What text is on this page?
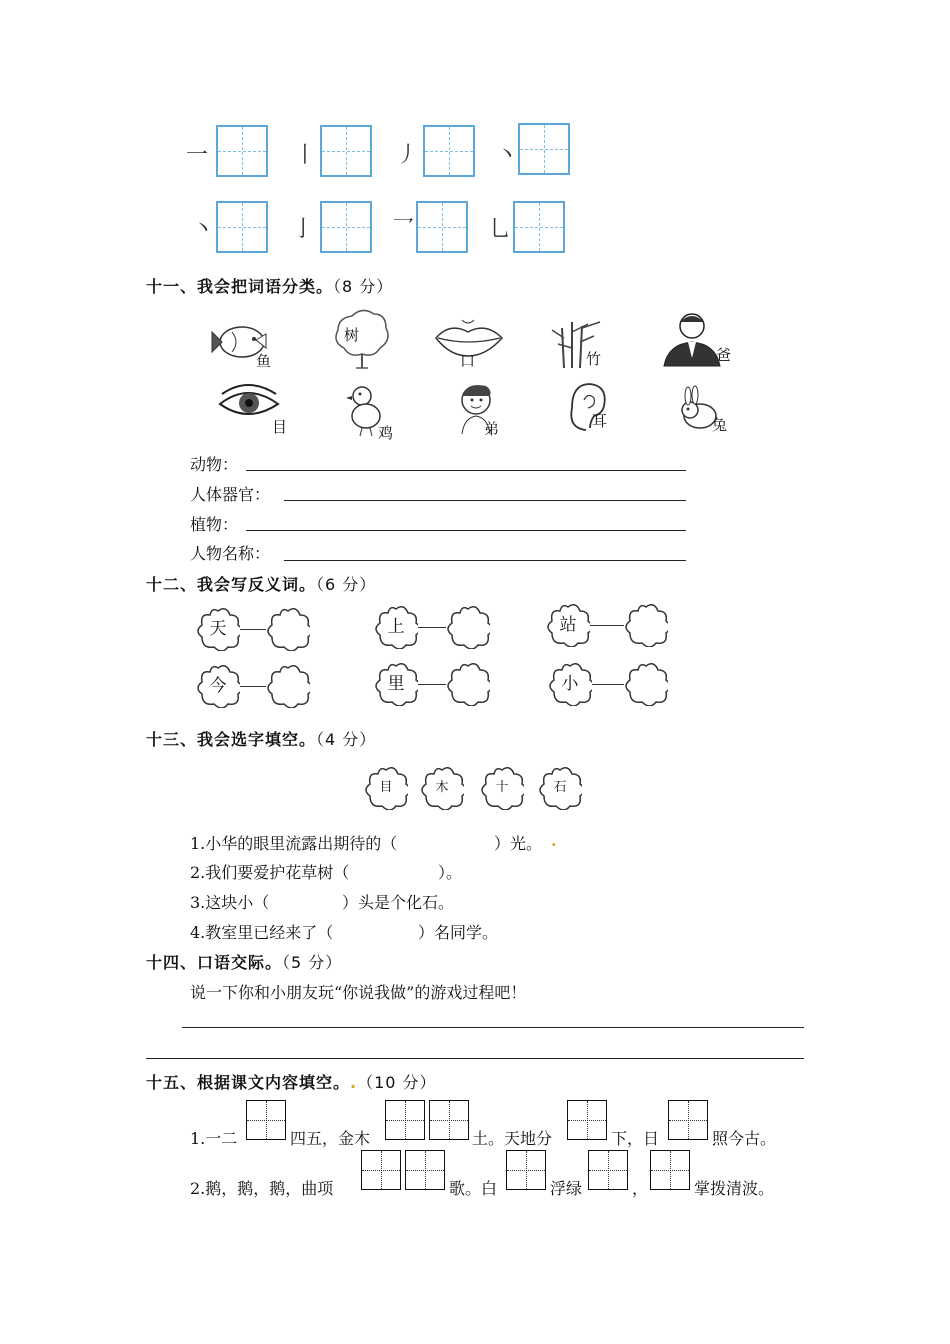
一	丨	丿	丶
丶	亅	乛	乚
十一、我会把词语分类。（8 分）
鱼
树
口	竹	爸
目	鸡	弟	耳	兔
动物：
人体器官：
植物：
人物名称：
十二、我会写反义词。（6 分）
天	上	站
今	里	小
十三、我会选字填空。（4 分）
目	木	十	石
1.小华的眼里流露出期待的（	）光。 .
2.我们要爱护花草树（	）。
3.这块小（	）头是个化石。
4.教室里已经来了（	）名同学。
十四、口语交际。（5 分）
说一下你和小朋友玩“你说我做”的游戏过程吧！
十五、根据课文内容填空。.（10 分）
1.一二	四五，金木	土。天地分	下，日	照今古。
2.鹅，鹅，鹅，曲项	歌。白	浮绿	，	掌拨清波。
